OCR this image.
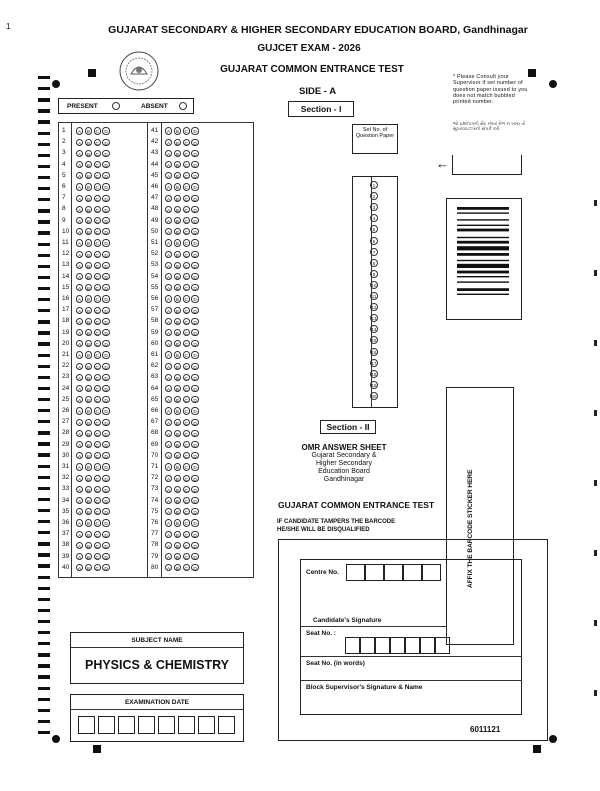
1	GUJARAT SECONDARY & HIGHER SECONDARY EDUCATION BOARD, Gandhinagar
GUJCET EXAM - 2026
GUJARAT COMMON ENTRANCE TEST
PRESENT	ABSENT
1	A	B	C	D
2	A	B	C	D
3	A	B	C	D
4	A	B	C	D
5	A	B	C	D
6	A	B	C	D
7	A	B	C	D
8	A	B	C	D
9	A	B	C	D
10	A	B	C	D
11	A	B	C	D
12	A	B	C	D
13	A	B	C	D
14	A	B	C	D
15	A	B	C	D
16	A	B	C	D
17	A	B	C	D
18	A	B	C	D
19	A	B	C	D
20	A	B	C	D
21	A	B	C	D
22	A	B	C	D
23	A	B	C	D
24	A	B	C	D
25	A	B	C	D
26	A	B	C	D
27	A	B	C	D
28	A	B	C	D
29	A	B	C	D
30	A	B	C	D
31	A	B	C	D
32	A	B	C	D
33	A	B	C	D
34	A	B	C	D
35	A	B	C	D
36	A	B	C	D
37	A	B	C	D
38	A	B	C	D
39	A	B	C	D
40	A	B	C	D
41	A	B	C	D
42	A	B	C	D
43	A	B	C	D
44	A	B	C	D
45	A	B	C	D
46	A	B	C	D
47	A	B	C	D
48	A	B	C	D
49	A	B	C	D
50	A	B	C	D
51	A	B	C	D
52	A	B	C	D
53	A	B	C	D
54	A	B	C	D
55	A	B	C	D
56	A	B	C	D
57	A	B	C	D
58	A	B	C	D
59	A	B	C	D
60	A	B	C	D
61	A	B	C	D
62	A	B	C	D
63	A	B	C	D
64	A	B	C	D
65	A	B	C	D
66	A	B	C	D
67	A	B	C	D
68	A	B	C	D
69	A	B	C	D
70	A	B	C	D
71	A	B	C	D
72	A	B	C	D
73	A	B	C	D
74	A	B	C	D
75	A	B	C	D
76	A	B	C	D
77	A	B	C	D
78	A	B	C	D
79	A	B	C	D
80	A	B	C	D
SIDE - A
Section - I
Set No. of Question Paper
1
2
3
4
5
6
7
8
9
10
11
12
13
14
15
16
17
18
19
20
* Please Consult your Supervisor if set number of question paper issued to you does not match bubbled printed number.
જો પ્રશ્નપત્રનો સેટ નંબર મેળ ન ખાય તો સુપરવાઇઝરનો સંપર્ક કરો
←
Section - II
OMR ANSWER SHEET
Gujarat Secondary &
Higher Secondary
Education Board
Gandhinagar
GUJARAT COMMON ENTRANCE TEST
IF CANDIDATE TAMPERS THE BARCODE
HE/SHE WILL BE DISQUALIFIED	AFFIX THE BARCODE STICKER HERE
Centre No.
Candidate's Signature
Seat No. :
Seat No. (in words)
Block Supervisor's Signature & Name
6011121
SUBJECT NAME
PHYSICS & CHEMISTRY
EXAMINATION DATE
